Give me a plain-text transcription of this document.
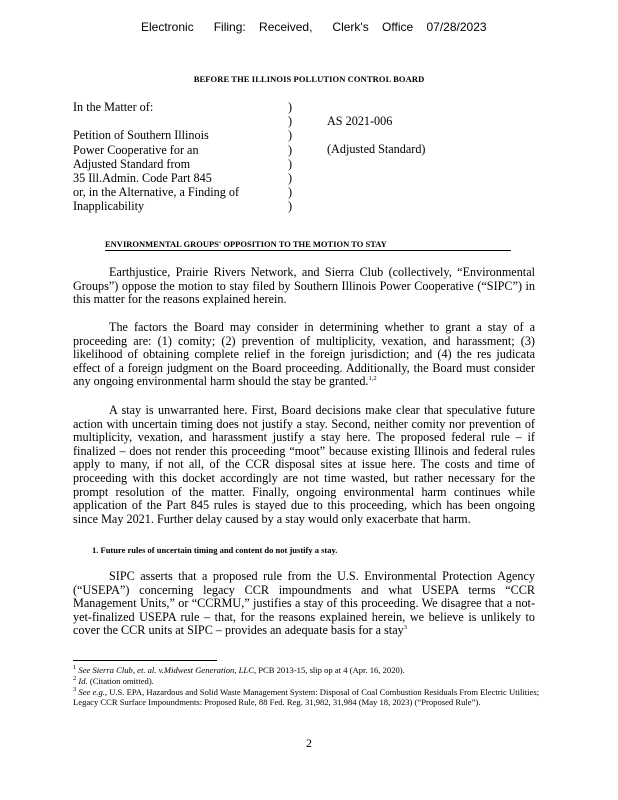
Electronic      Filing:    Received,      Clerk's    Office    07/28/2023
BEFORE THE ILLINOIS POLLUTION CONTROL BOARD
In the Matter of:
Petition of Southern Illinois
Power Cooperative for an
Adjusted Standard from
35 Ill.Admin. Code Part 845
or, in the Alternative, a Finding of
Inapplicability
)
)
)
)
)
)
)
)
AS 2021-006
(Adjusted Standard)
ENVIRONMENTAL GROUPS' OPPOSITION TO THE MOTION TO STAY
Earthjustice, Prairie Rivers Network, and Sierra Club (collectively, “Environmental Groups”) oppose the motion to stay filed by Southern Illinois Power Cooperative (“SIPC”) in this matter for the reasons explained herein.
The factors the Board may consider in determining whether to grant a stay of a proceeding are: (1) comity; (2) prevention of multiplicity, vexation, and harassment; (3) likelihood of obtaining complete relief in the foreign jurisdiction; and (4) the res judicata effect of a foreign judgment on the Board proceeding. Additionally, the Board must consider any ongoing environmental harm should the stay be granted.$^{1,2}$
A stay is unwarranted here. First, Board decisions make clear that speculative future action with uncertain timing does not justify a stay. Second, neither comity nor prevention of multiplicity, vexation, and harassment justify a stay here. The proposed federal rule – if finalized – does not render this proceeding “moot” because existing Illinois and federal rules apply to many, if not all, of the CCR disposal sites at issue here. The costs and time of proceeding with this docket accordingly are not time wasted, but rather necessary for the prompt resolution of the matter. Finally, ongoing environmental harm continues while application of the Part 845 rules is stayed due to this proceeding, which has been ongoing since May 2021. Further delay caused by a stay would only exacerbate that harm.
1. Future rules of uncertain timing and content do not justify a stay.
SIPC asserts that a proposed rule from the U.S. Environmental Protection Agency (“USEPA”) concerning legacy CCR impoundments and what USEPA terms “CCR Management Units,” or “CCRMU,” justifies a stay of this proceeding. We disagree that a not-yet-finalized USEPA rule – that, for the reasons explained herein, we believe is unlikely to cover the CCR units at SIPC – provides an adequate basis for a stay$^3$
$^1$ See Sierra Club, et. al. v.Midwest Generation, LLC, PCB 2013-15, slip op at 4 (Apr. 16, 2020).
$^2$ Id. (Citation omitted).
$^3$ See e.g., U.S. EPA, Hazardous and Solid Waste Management System: Disposal of Coal Combustion Residuals From Electric Utilities; Legacy CCR Surface Impoundments: Proposed Rule, 88 Fed. Reg. 31,982, 31,984 (May 18, 2023) (“Proposed Rule”).
2
